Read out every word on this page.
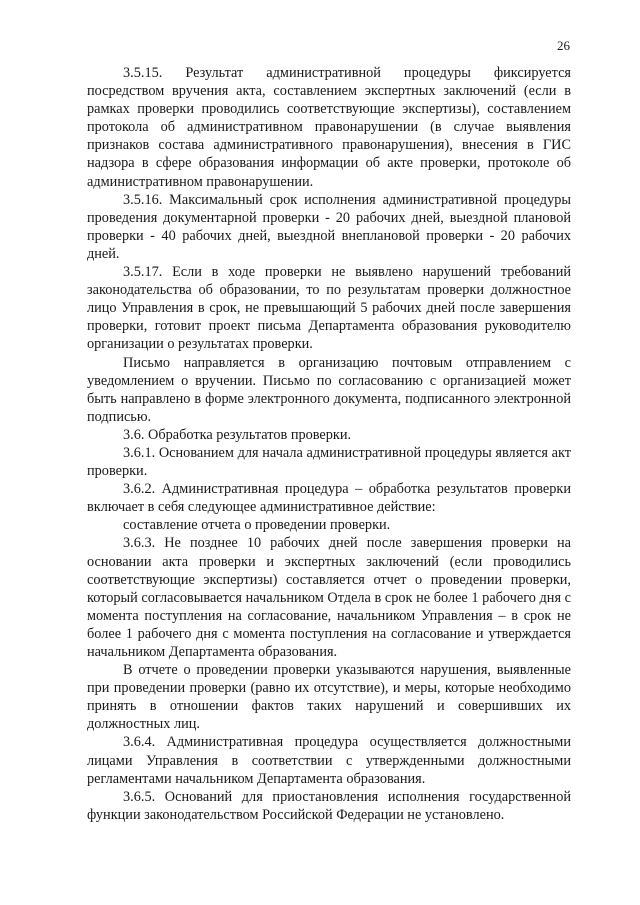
26

3.5.15. Результат административной процедуры фиксируется посредством вручения акта, составлением экспертных заключений (если в рамках проверки проводились соответствующие экспертизы), составлением протокола об административном правонарушении (в случае выявления признаков состава административного правонарушения), внесения в ГИС надзора в сфере образования информации об акте проверки, протоколе об административном правонарушении.

3.5.16. Максимальный срок исполнения административной процедуры проведения документарной проверки - 20 рабочих дней, выездной плановой проверки - 40 рабочих дней, выездной внеплановой проверки - 20 рабочих дней.

3.5.17. Если в ходе проверки не выявлено нарушений требований законодательства об образовании, то по результатам проверки должностное лицо Управления в срок, не превышающий 5 рабочих дней после завершения проверки, готовит проект письма Департамента образования руководителю организации о результатах проверки.

Письмо направляется в организацию почтовым отправлением с уведомлением о вручении. Письмо по согласованию с организацией может быть направлено в форме электронного документа, подписанного электронной подписью.

3.6. Обработка результатов проверки.

3.6.1. Основанием для начала административной процедуры является акт проверки.

3.6.2. Административная процедура – обработка результатов проверки включает в себя следующее административное действие:

составление отчета о проведении проверки.

3.6.3. Не позднее 10 рабочих дней после завершения проверки на основании акта проверки и экспертных заключений (если проводились соответствующие экспертизы) составляется отчет о проведении проверки, который согласовывается начальником Отдела в срок не более 1 рабочего дня с момента поступления на согласование, начальником Управления – в срок не более 1 рабочего дня с момента поступления на согласование и утверждается начальником Департамента образования.

В отчете о проведении проверки указываются нарушения, выявленные при проведении проверки (равно их отсутствие), и меры, которые необходимо принять в отношении фактов таких нарушений и совершивших их должностных лиц.

3.6.4. Административная процедура осуществляется должностными лицами Управления в соответствии с утвержденными должностными регламентами начальником Департамента образования.

3.6.5. Оснований для приостановления исполнения государственной функции законодательством Российской Федерации не установлено.
